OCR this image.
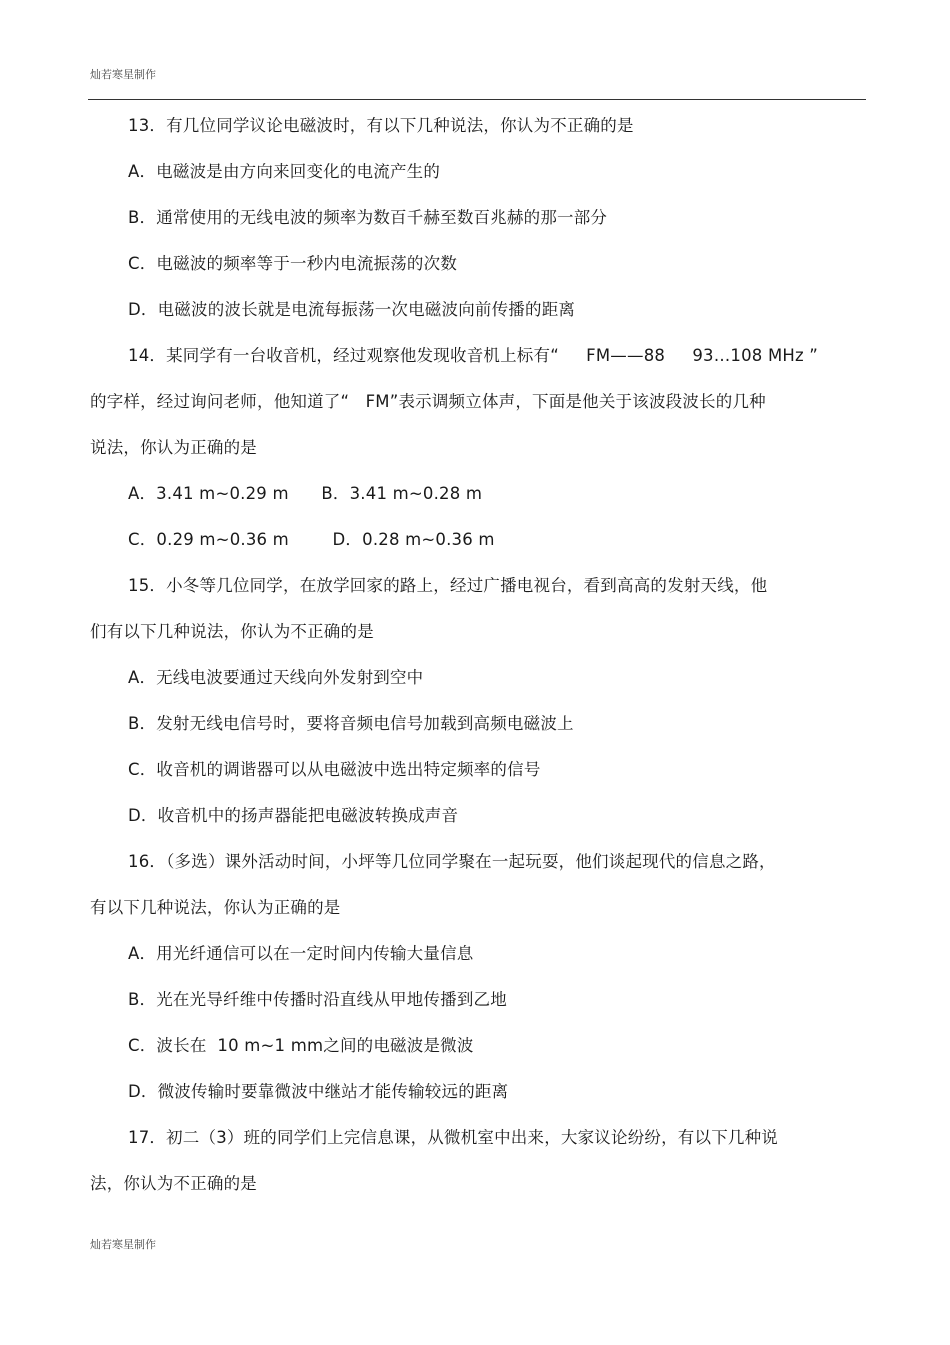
灿若寒星制作
13．有几位同学议论电磁波时，有以下几种说法，你认为不正确的是
A．电磁波是由方向来回变化的电流产生的
B．通常使用的无线电波的频率为数百千赫至数百兆赫的那一部分
C．电磁波的频率等于一秒内电流振荡的次数
D．电磁波的波长就是电流每振荡一次电磁波向前传播的距离
14．某同学有一台收音机，经过观察他发现收音机上标有“     FM——88     93…108 MHz ”
的字样，经过询问老师，他知道了“   FM”表示调频立体声，下面是他关于该波段波长的几种
说法，你认为正确的是
A．3.41 m~0.29 m      B．3.41 m~0.28 m
C．0.29 m~0.36 m        D．0.28 m~0.36 m
15．小冬等几位同学，在放学回家的路上，经过广播电视台，看到高高的发射天线，他
们有以下几种说法，你认为不正确的是
A．无线电波要通过天线向外发射到空中
B．发射无线电信号时，要将音频电信号加载到高频电磁波上
C．收音机的调谐器可以从电磁波中选出特定频率的信号
D．收音机中的扬声器能把电磁波转换成声音
16．（多选）课外活动时间，小坪等几位同学聚在一起玩耍，他们谈起现代的信息之路，
有以下几种说法，你认为正确的是
A．用光纤通信可以在一定时间内传输大量信息
B．光在光导纤维中传播时沿直线从甲地传播到乙地
C．波长在  10 m~1 mm之间的电磁波是微波
D．微波传输时要靠微波中继站才能传输较远的距离
17．初二（3）班的同学们上完信息课，从微机室中出来，大家议论纷纷，有以下几种说
法，你认为不正确的是
灿若寒星制作
